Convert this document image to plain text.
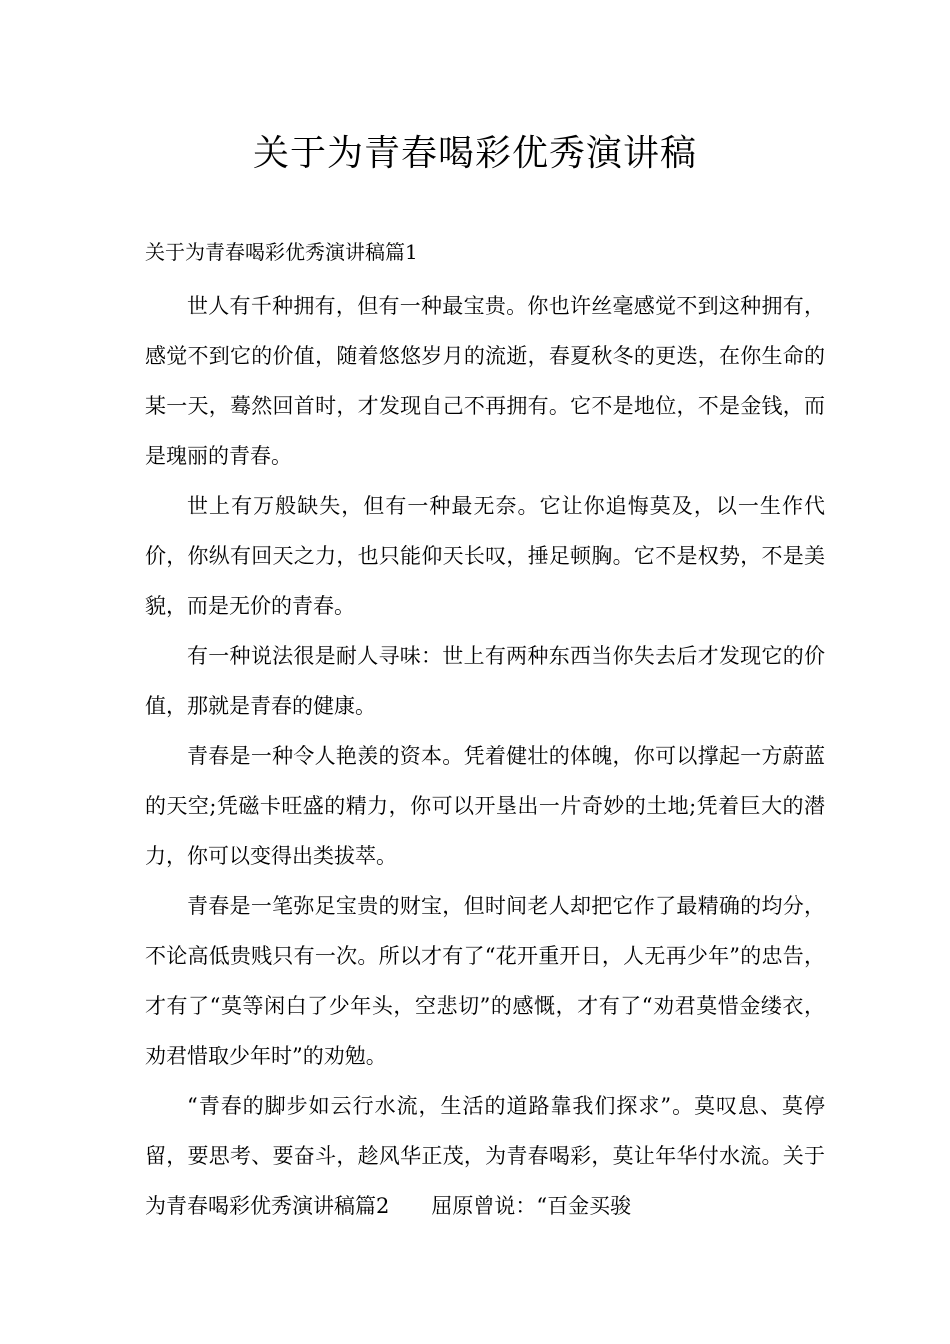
关于为青春喝彩优秀演讲稿
关于为青春喝彩优秀演讲稿篇1

世人有千种拥有，但有一种最宝贵。你也许丝毫感觉不到这种拥有，感觉不到它的价值，随着悠悠岁月的流逝，春夏秋冬的更迭，在你生命的某一天，蓦然回首时，才发现自己不再拥有。它不是地位，不是金钱，而是瑰丽的青春。

世上有万般缺失，但有一种最无奈。它让你追悔莫及，以一生作代价，你纵有回天之力，也只能仰天长叹，捶足顿胸。它不是权势，不是美貌，而是无价的青春。

有一种说法很是耐人寻味：世上有两种东西当你失去后才发现它的价值，那就是青春的健康。

青春是一种令人艳羡的资本。凭着健壮的体魄，你可以撑起一方蔚蓝的天空;凭磁卡旺盛的精力，你可以开垦出一片奇妙的土地;凭着巨大的潜力，你可以变得出类拔萃。

青春是一笔弥足宝贵的财宝，但时间老人却把它作了最精确的均分，不论高低贵贱只有一次。所以才有了“花开重开日，人无再少年”的忠告，才有了“莫等闲白了少年头，空悲切”的感慨，才有了“劝君莫惜金缕衣，劝君惜取少年时”的劝勉。

“青春的脚步如云行水流，生活的道路靠我们探求”。莫叹息、莫停留，要思考、要奋斗，趁风华正茂，为青春喝彩，莫让年华付水流。关于为青春喝彩优秀演讲稿篇2　　屈原曾说：“百金买骏
